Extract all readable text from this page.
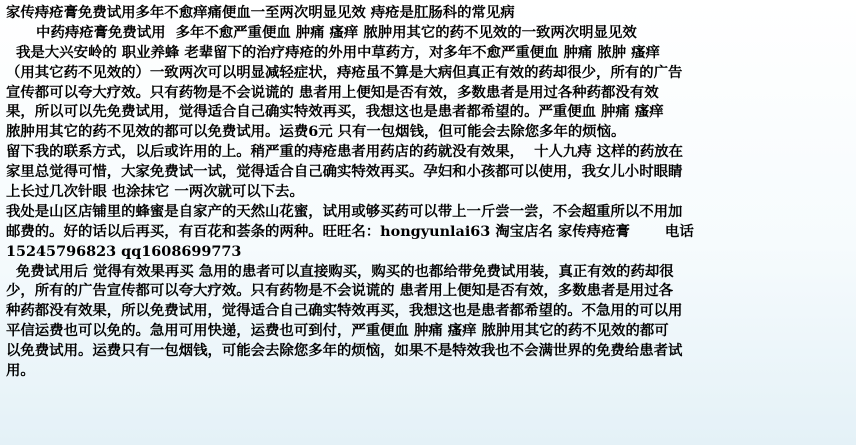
家传痔疮膏免费试用多年不愈痒痛便血一至两次明显见效 痔疮是肛肠科的常见病
中药痔疮膏免费试用  多年不愈严重便血 肿痛 瘙痒 脓肿用其它的药不见效的一致两次明显见效
我是大兴安岭的 职业养蜂 老辈留下的治疗痔疮的外用中草药方，对多年不愈严重便血 肿痛 脓肿 瘙痒
（用其它药不见效的）一致两次可以明显减轻症状，痔疮虽不算是大病但真正有效的药却很少，所有的广告
宣传都可以夸大疗效。只有药物是不会说谎的 患者用上便知是否有效，多数患者是用过各种药都没有效
果，所以可以先免费试用，觉得适合自己确实特效再买，我想这也是患者都希望的。严重便血 肿痛 瘙痒
脓肿用其它的药不见效的都可以免费试用。运费6元 只有一包烟钱，但可能会去除您多年的烦恼。
留下我的联系方式，以后或许用的上。稍严重的痔疮患者用药店的药就没有效果，  十人九痔 这样的药放在
家里总觉得可惜，大家免费试一试，觉得适合自己确实特效再买。孕妇和小孩都可以使用，我女儿小时眼睛
上长过几次针眼 也涂抹它 一两次就可以下去。
我处是山区店铺里的蜂蜜是自家产的天然山花蜜，试用或够买药可以带上一斤尝一尝，不会超重所以不用加
邮费的。好的话以后再买，有百花和荟条的两种。旺旺名：hongyunlai63 淘宝店名 家传痔疮膏       电话
15245796823 qq1608699773
免费试用后 觉得有效果再买 急用的患者可以直接购买，购买的也都给带免费试用装，真正有效的药却很
少，所有的广告宣传都可以夸大疗效。只有药物是不会说谎的 患者用上便知是否有效，多数患者是用过各
种药都没有效果，所以免费试用，觉得适合自己确实特效再买，我想这也是患者都希望的。不急用的可以用
平信运费也可以免的。急用可用快递，运费也可到付，严重便血 肿痛 瘙痒 脓肿用其它的药不见效的都可
以免费试用。运费只有一包烟钱，可能会去除您多年的烦恼，如果不是特效我也不会满世界的免费给患者试
用。
